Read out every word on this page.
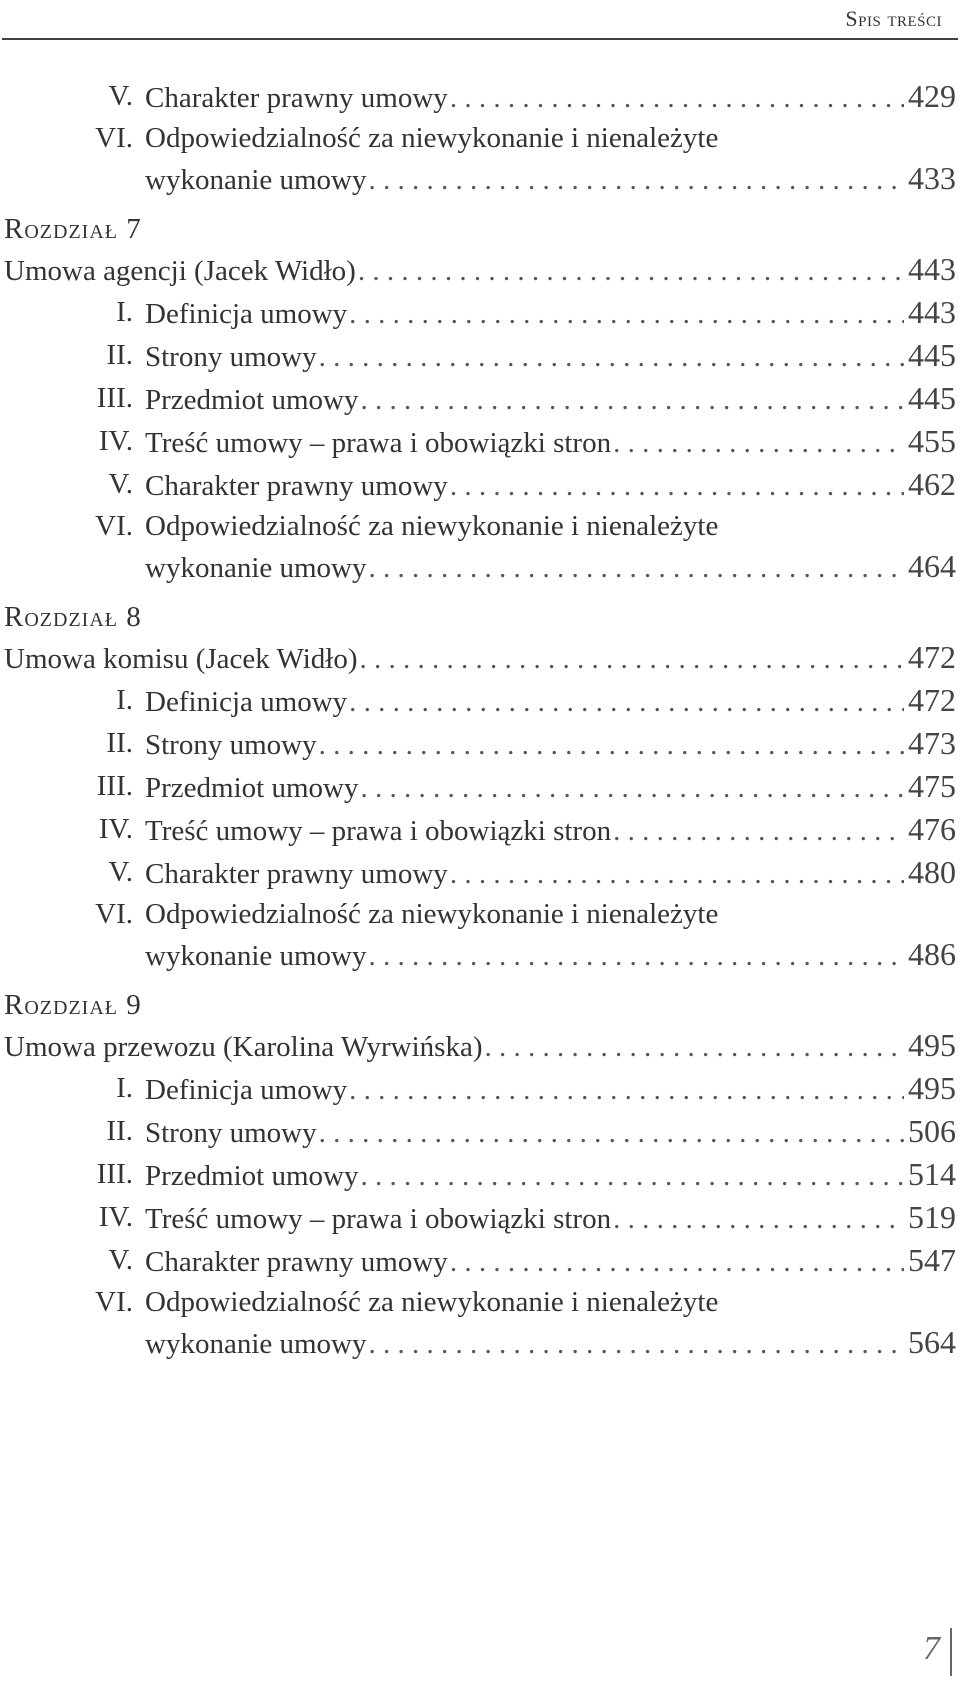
Spis treści
V. Charakter prawny umowy . . .	429
VI. Odpowiedzialność za niewykonanie i nienależyte
wykonanie umowy . . .	433
Rozdział 7
Umowa agencji (Jacek Widło) . . .	443
I. Definicja umowy . . .	443
II. Strony umowy . . .	445
III. Przedmiot umowy . . .	445
IV. Treść umowy – prawa i obowiązki stron . . .	455
V. Charakter prawny umowy . . .	462
VI. Odpowiedzialność za niewykonanie i nienależyte
wykonanie umowy . . .	464
Rozdział 8
Umowa komisu (Jacek Widło) . . .	472
I. Definicja umowy . . .	472
II. Strony umowy . . .	473
III. Przedmiot umowy . . .	475
IV. Treść umowy – prawa i obowiązki stron . . .	476
V. Charakter prawny umowy . . .	480
VI. Odpowiedzialność za niewykonanie i nienależyte
wykonanie umowy . . .	486
Rozdział 9
Umowa przewozu (Karolina Wyrwińska) . . .	495
I. Definicja umowy . . .	495
II. Strony umowy . . .	506
III. Przedmiot umowy . . .	514
IV. Treść umowy – prawa i obowiązki stron . . .	519
V. Charakter prawny umowy . . .	547
VI. Odpowiedzialność za niewykonanie i nienależyte
wykonanie umowy . . .	564
7
